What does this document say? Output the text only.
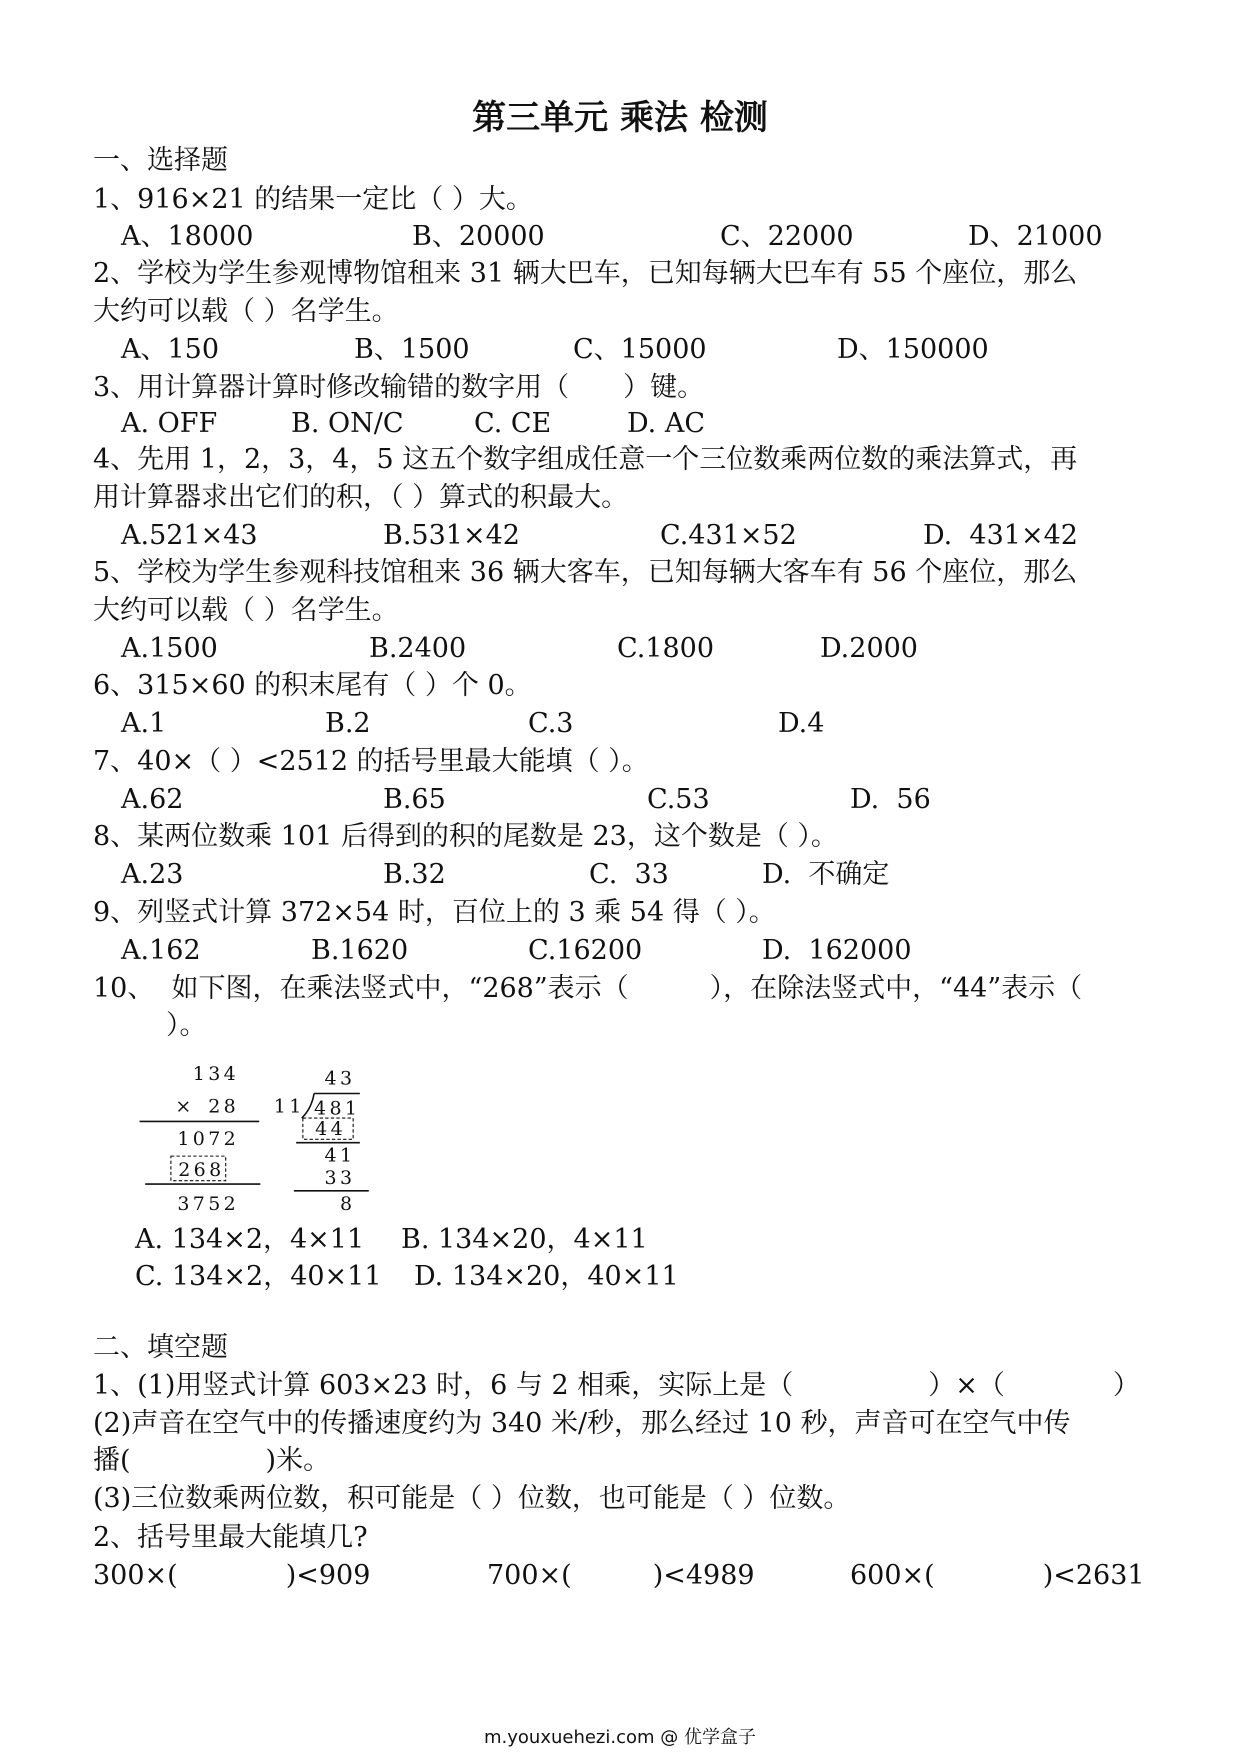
第三单元 乘法 检测
一、选择题
1、916×21 的结果一定比（ ）大。
A、18000	B、20000	C、22000	D、21000
2、学校为学生参观博物馆租来 31 辆大巴车，已知每辆大巴车有 55 个座位，那么
大约可以载（ ）名学生。
A、150	B、1500	C、15000	D、150000
3、用计算器计算时修改输错的数字用（　　）键。
A. OFF	B. ON/C	C. CE	D. AC
4、先用 1，2，3，4，5 这五个数字组成任意一个三位数乘两位数的乘法算式，再
用计算器求出它们的积，（ ）算式的积最大。
A.521×43	B.531×42	C.431×52	D.  431×42
5、学校为学生参观科技馆租来 36 辆大客车，已知每辆大客车有 56 个座位，那么
大约可以载（ ）名学生。
A.1500	B.2400	C.1800	D.2000
6、315×60 的积末尾有（ ）个 0。
A.1	B.2	C.3	D.4
7、40×（ ）<2512 的括号里最大能填（ ）。
A.62	B.65	C.53	D.  56
8、某两位数乘 101 后得到的积的尾数是 23，这个数是（ ）。
A.23	B.32	C.  33	D.  不确定
9、列竖式计算 372×54 时，百位上的 3 乘 54 得（ ）。
A.162	B.1620	C.16200	D.  162000
10、  如下图，在乘法竖式中，“268”表示（　　　），在除法竖式中，“44”表示（
）。
134
× 28
1072
268
3752
43
11 481
44
41
33
8
A. 134×2，4×11 B. 134×20，4×11
C. 134×2，40×11 D. 134×20，40×11
二、填空题
1、(1)用竖式计算 603×23 时，6 与 2 相乘，实际上是（　　　　　）×（　　　　）
(2)声音在空气中的传播速度约为 340 米/秒，那么经过 10 秒，声音可在空气中传
播(　　　　　)米。
(3)三位数乘两位数，积可能是（ ）位数，也可能是（ ）位数。
2、括号里最大能填几?
300×(　　　　)<909	700×(　　　)<4989	600×(　　　　)<2631
m.youxuehezi.com @ 优学盒子
